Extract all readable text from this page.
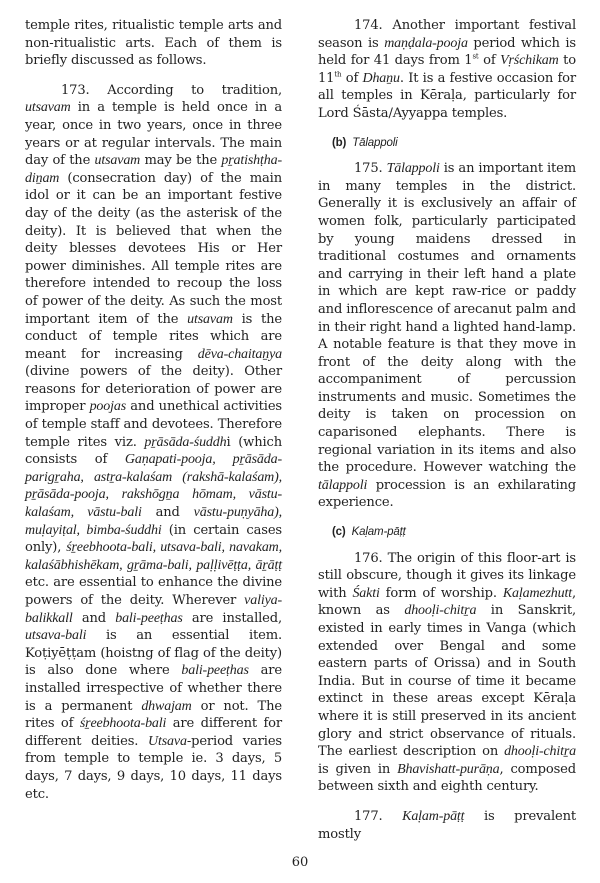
temple rites, ritualistic temple arts and non-ritualistic arts. Each of them is briefly discussed as follows.

173. According to tradition, utsavam in a temple is held once in a year, once in two years, once in three years or at regular intervals. The main day of the utsavam may be the pṟatishṭha-diṉam (consecration day) of the main idol or it can be an important festive day of the deity (as the asterisk of the deity). It is believed that when the deity blesses devotees His or Her power diminishes. All temple rites are therefore intended to recoup the loss of power of the deity. As such the most important item of the utsavam is the conduct of temple rites which are meant for increasing dēva-chaitaṉya (divine powers of the deity). Other reasons for deterioration of power are improper poojas and unethical activities of temple staff and devotees. Therefore temple rites viz. pṟāsāda-śuddhi (which consists of Gaṇapati-pooja, pṟāsāda-parigṟaha, astṟa-kalaśam (rakshā-kalaśam), pṟāsāda-pooja, rakshōgṉa hōmam, vāstu-kalaśam, vāstu-bali and vāstu-puṇyāha), muḷayiṭal, bimba-śuddhi (in certain cases only), śṟeebhoota-bali, utsava-bali, navakam, kalaśābhishēkam, gṟāma-bali, paḷḷivēṭṭa, āṟāṭṭ etc. are essential to enhance the divine powers of the deity. Wherever valiya-balikkall and bali-peeṭhas are installed, utsava-bali is an essential item. Koṭiyēṭṭam (hoistng of flag of the deity) is also done where bali-peeṭhas are installed irrespective of whether there is a permanent dhwajam or not. The rites of śṟeebhoota-bali are different for different deities. Utsava-period varies from temple to temple ie. 3 days, 5 days, 7 days, 9 days, 10 days, 11 days etc.

174. Another important festival season is maṇḍala-pooja period which is held for 41 days from 1st of Vṛśchikam to 11th of Dhaṉu. It is a festive occasion for all temples in Kēraḷa, particularly for Lord Śāsta/Ayyappa temples.

(b) Tālappoli

175. Tālappoli is an important item in many temples in the district. Generally it is exclusively an affair of women folk, particularly participated by young maidens dressed in traditional costumes and ornaments and carrying in their left hand a plate in which are kept raw-rice or paddy and inflorescence of arecanut palm and in their right hand a lighted hand-lamp. A notable feature is that they move in front of the deity along with the accompaniment of percussion instruments and music. Sometimes the deity is taken on procession on caparisoned elephants. There is regional variation in its items and also the procedure. However watching the tālappoli procession is an exhilarating experience.

(c) Kaḷam-pāṭṭ

176. The origin of this floor-art is still obscure, though it gives its linkage with Śakti form of worship. Kaḷamezhutt, known as dhooḷi-chitṟa in Sanskrit, existed in early times in Vanga (which extended over Bengal and some eastern parts of Orissa) and in South India. But in course of time it became extinct in these areas except Kēraḷa where it is still preserved in its ancient glory and strict observance of rituals. The earliest description on dhooḷi-chitṟa is given in Bhavishatt-purāṇa, composed between sixth and eighth century.

177. Kaḷam-pāṭṭ is prevalent mostly

60
